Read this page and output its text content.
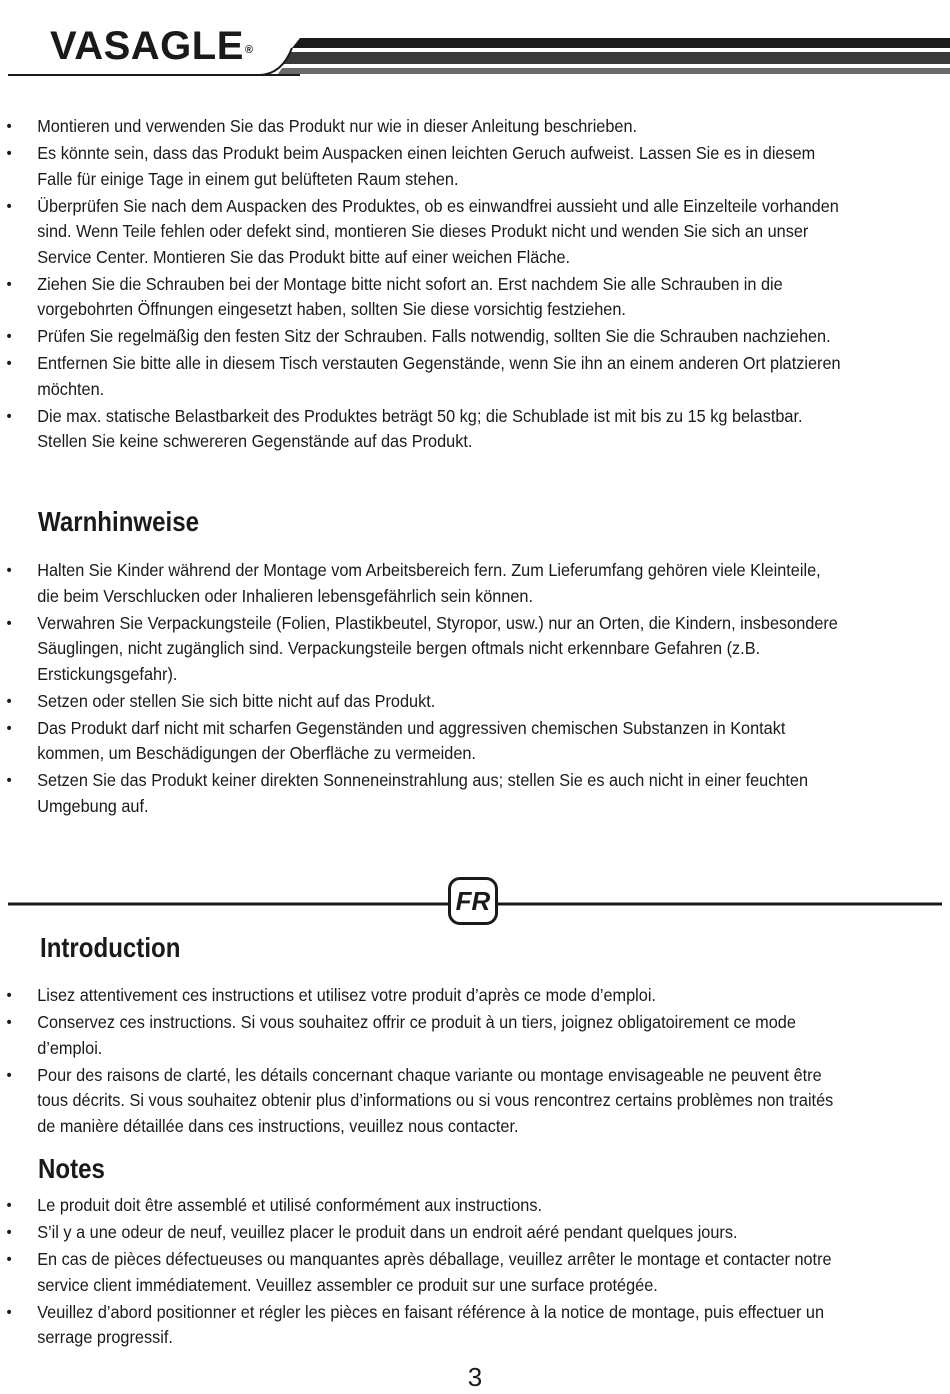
VASAGLE®
• Montieren und verwenden Sie das Produkt nur wie in dieser Anleitung beschrieben.
• Es könnte sein, dass das Produkt beim Auspacken einen leichten Geruch aufweist. Lassen Sie es in diesem Falle für einige Tage in einem gut belüfteten Raum stehen.
• Überprüfen Sie nach dem Auspacken des Produktes, ob es einwandfrei aussieht und alle Einzelteile vorhanden sind. Wenn Teile fehlen oder defekt sind, montieren Sie dieses Produkt nicht und wenden Sie sich an unser Service Center. Montieren Sie das Produkt bitte auf einer weichen Fläche.
• Ziehen Sie die Schrauben bei der Montage bitte nicht sofort an. Erst nachdem Sie alle Schrauben in die vorgebohrten Öffnungen eingesetzt haben, sollten Sie diese vorsichtig festziehen.
• Prüfen Sie regelmäßig den festen Sitz der Schrauben. Falls notwendig, sollten Sie die Schrauben nachziehen.
• Entfernen Sie bitte alle in diesem Tisch verstauten Gegenstände, wenn Sie ihn an einem anderen Ort platzieren möchten.
• Die max. statische Belastbarkeit des Produktes beträgt 50 kg; die Schublade ist mit bis zu 15 kg belastbar. Stellen Sie keine schwereren Gegenstände auf das Produkt.
Warnhinweise
• Halten Sie Kinder während der Montage vom Arbeitsbereich fern. Zum Lieferumfang gehören viele Kleinteile, die beim Verschlucken oder Inhalieren lebensgefährlich sein können.
• Verwahren Sie Verpackungsteile (Folien, Plastikbeutel, Styropor, usw.) nur an Orten, die Kindern, insbesondere Säuglingen, nicht zugänglich sind. Verpackungsteile bergen oftmals nicht erkennbare Gefahren (z.B. Erstickungsgefahr).
• Setzen oder stellen Sie sich bitte nicht auf das Produkt.
• Das Produkt darf nicht mit scharfen Gegenständen und aggressiven chemischen Substanzen in Kontakt kommen, um Beschädigungen der Oberfläche zu vermeiden.
• Setzen Sie das Produkt keiner direkten Sonneneinstrahlung aus; stellen Sie es auch nicht in einer feuchten Umgebung auf.
FR
Introduction
• Lisez attentivement ces instructions et utilisez votre produit d’après ce mode d’emploi.
• Conservez ces instructions. Si vous souhaitez offrir ce produit à un tiers, joignez obligatoirement ce mode d’emploi.
• Pour des raisons de clarté, les détails concernant chaque variante ou montage envisageable ne peuvent être tous décrits. Si vous souhaitez obtenir plus d’informations ou si vous rencontrez certains problèmes non traités de manière détaillée dans ces instructions, veuillez nous contacter.
Notes
• Le produit doit être assemblé et utilisé conformément aux instructions.
• S’il y a une odeur de neuf, veuillez placer le produit dans un endroit aéré pendant quelques jours.
• En cas de pièces défectueuses ou manquantes après déballage, veuillez arrêter le montage et contacter notre service client immédiatement. Veuillez assembler ce produit sur une surface protégée.
• Veuillez d’abord positionner et régler les pièces en faisant référence à la notice de montage, puis effectuer un serrage progressif.
3
